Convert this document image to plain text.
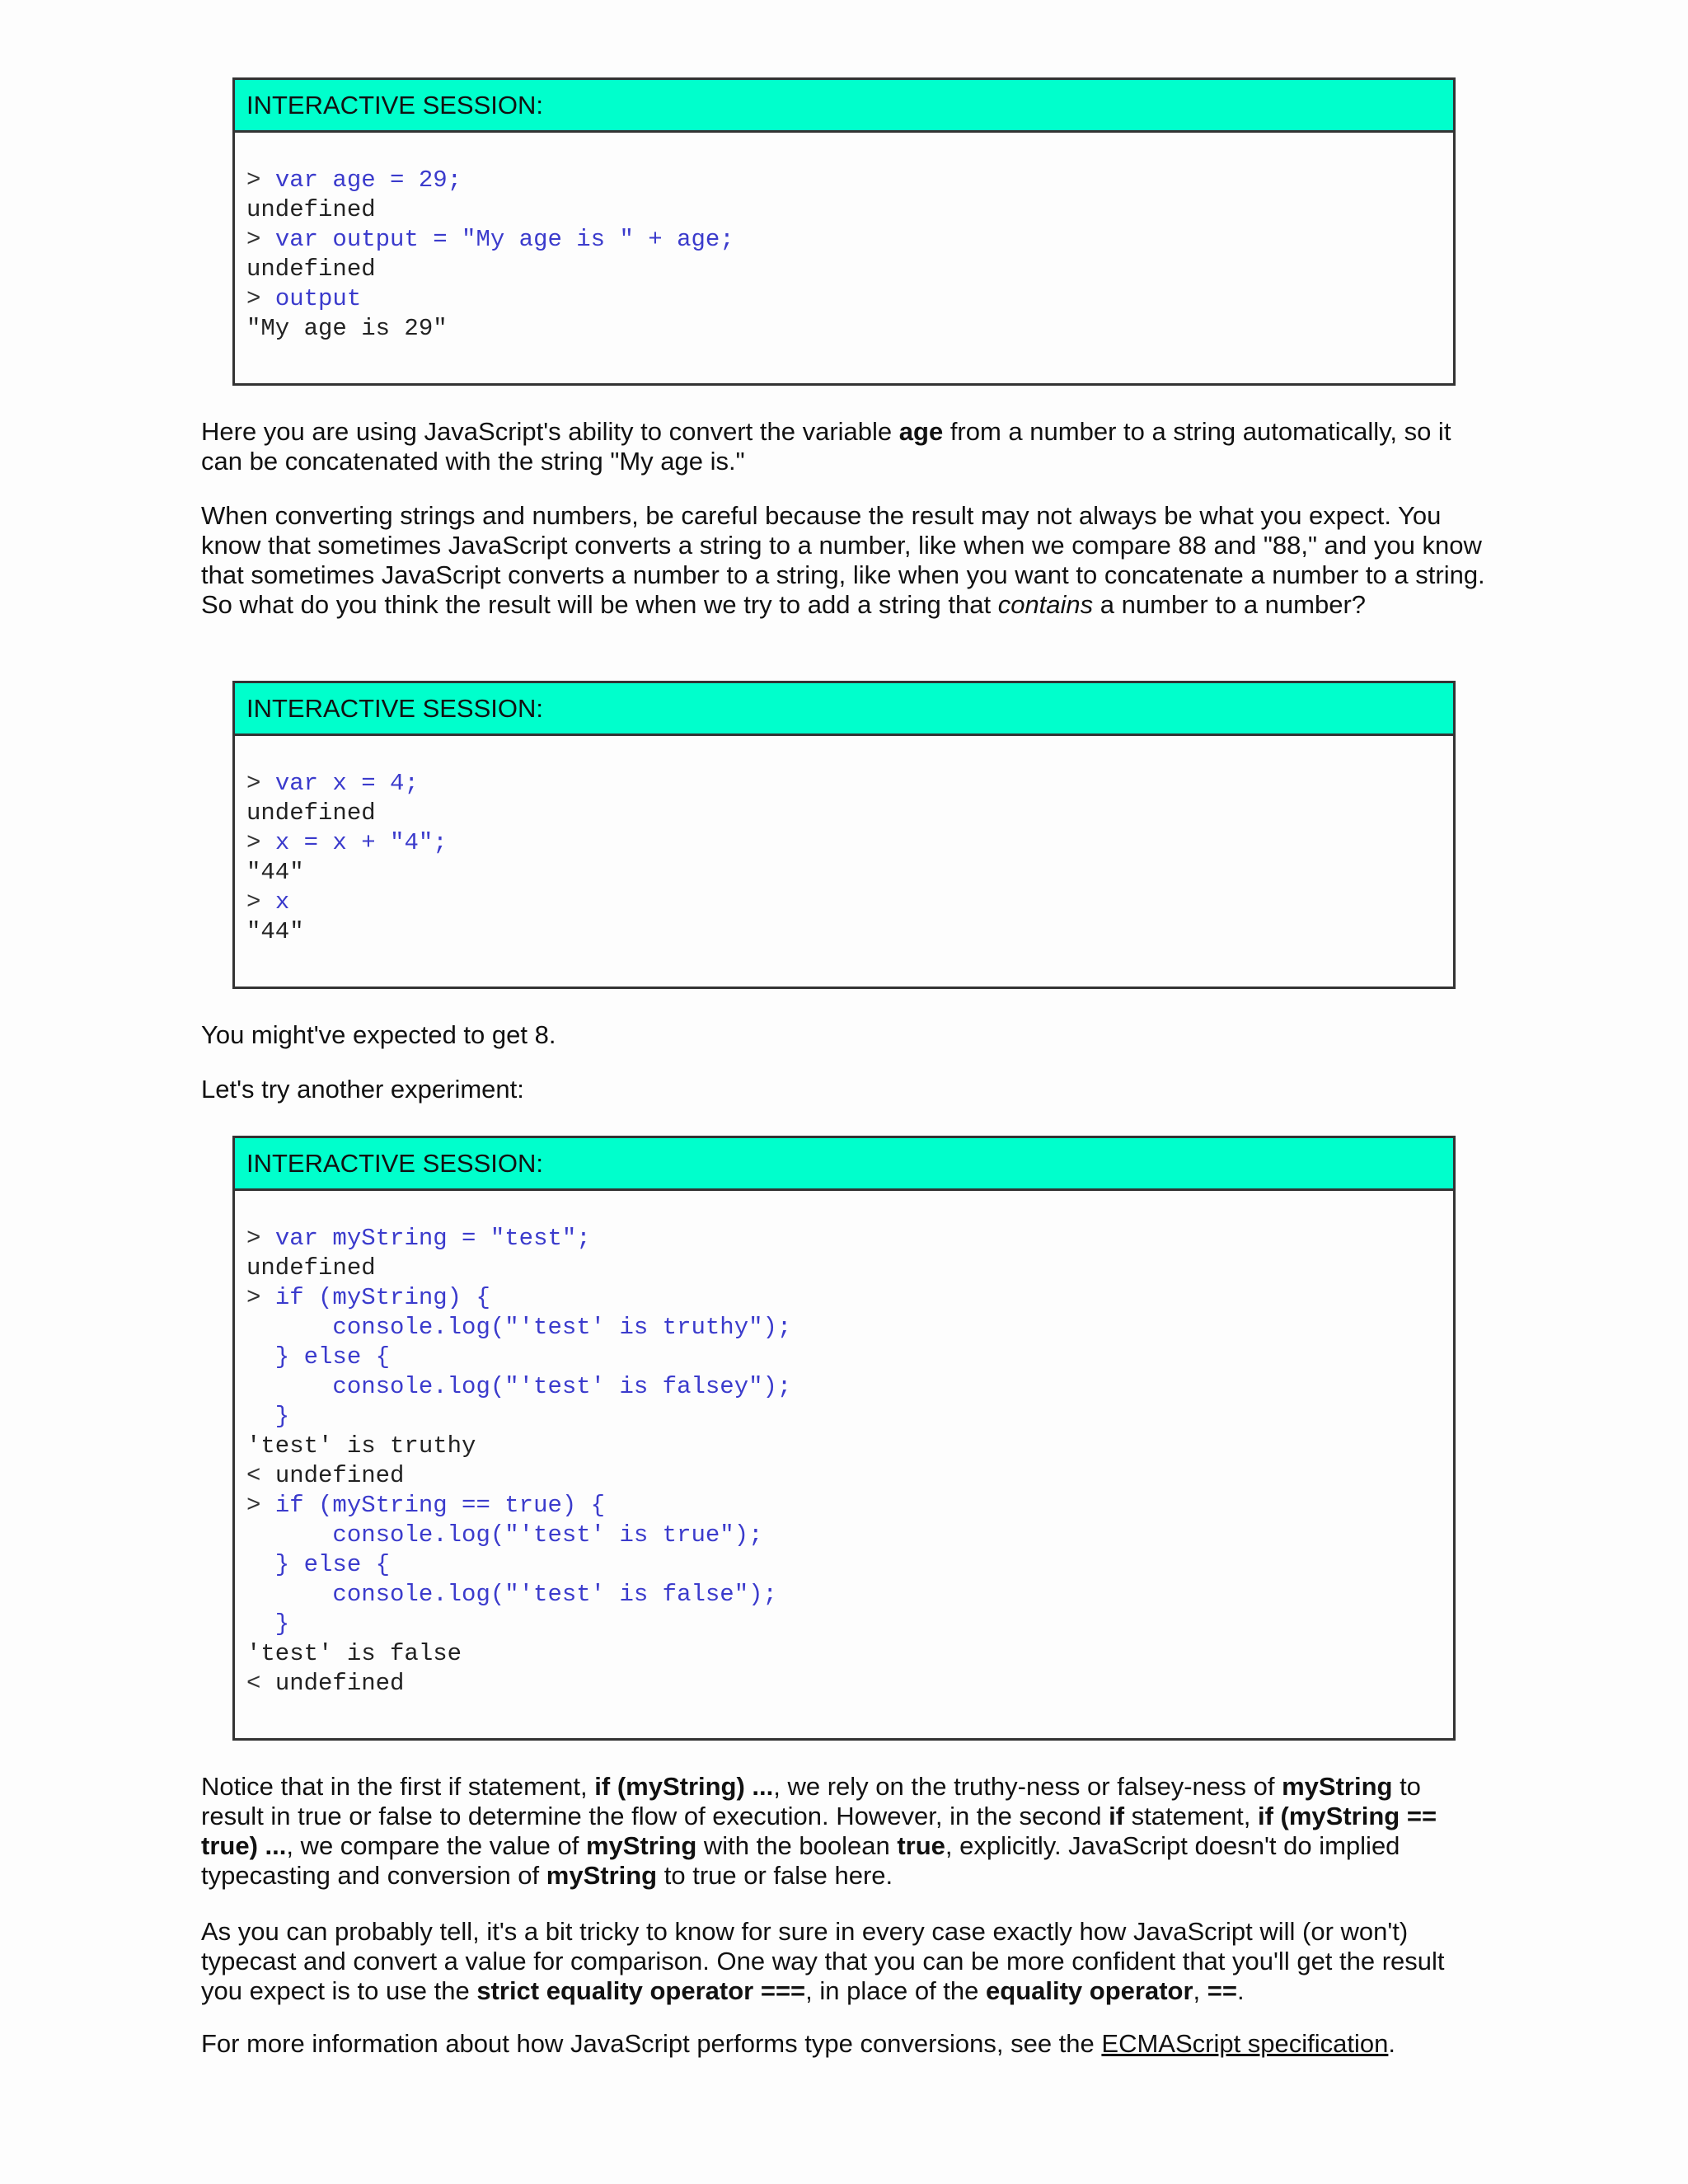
INTERACTIVE SESSION:
> var age = 29;
undefined
> var output = "My age is " + age;
undefined
> output
"My age is 29"

Here you are using JavaScript's ability to convert the variable age from a number to a string automatically, so it can be concatenated with the string "My age is."

When converting strings and numbers, be careful because the result may not always be what you expect. You know that sometimes JavaScript converts a string to a number, like when we compare 88 and "88," and you know that sometimes JavaScript converts a number to a string, like when you want to concatenate a number to a string. So what do you think the result will be when we try to add a string that contains a number to a number?

INTERACTIVE SESSION:
> var x = 4;
undefined
> x = x + "4";
"44"
> x
"44"

You might've expected to get 8.

Let's try another experiment:

INTERACTIVE SESSION:
> var myString = "test";
undefined
> if (myString) {
console.log("'test' is truthy");
} else {
console.log("'test' is falsey");
}
'test' is truthy
< undefined
> if (myString == true) {
console.log("'test' is true");
} else {
console.log("'test' is false");
}
'test' is false
< undefined

Notice that in the first if statement, if (myString) ..., we rely on the truthy-ness or falsey-ness of myString to result in true or false to determine the flow of execution. However, in the second if statement, if (myString == true) ..., we compare the value of myString with the boolean true, explicitly. JavaScript doesn't do implied typecasting and conversion of myString to true or false here.

As you can probably tell, it's a bit tricky to know for sure in every case exactly how JavaScript will (or won't) typecast and convert a value for comparison. One way that you can be more confident that you'll get the result you expect is to use the strict equality operator ===, in place of the equality operator, ==.

For more information about how JavaScript performs type conversions, see the ECMAScript specification.
